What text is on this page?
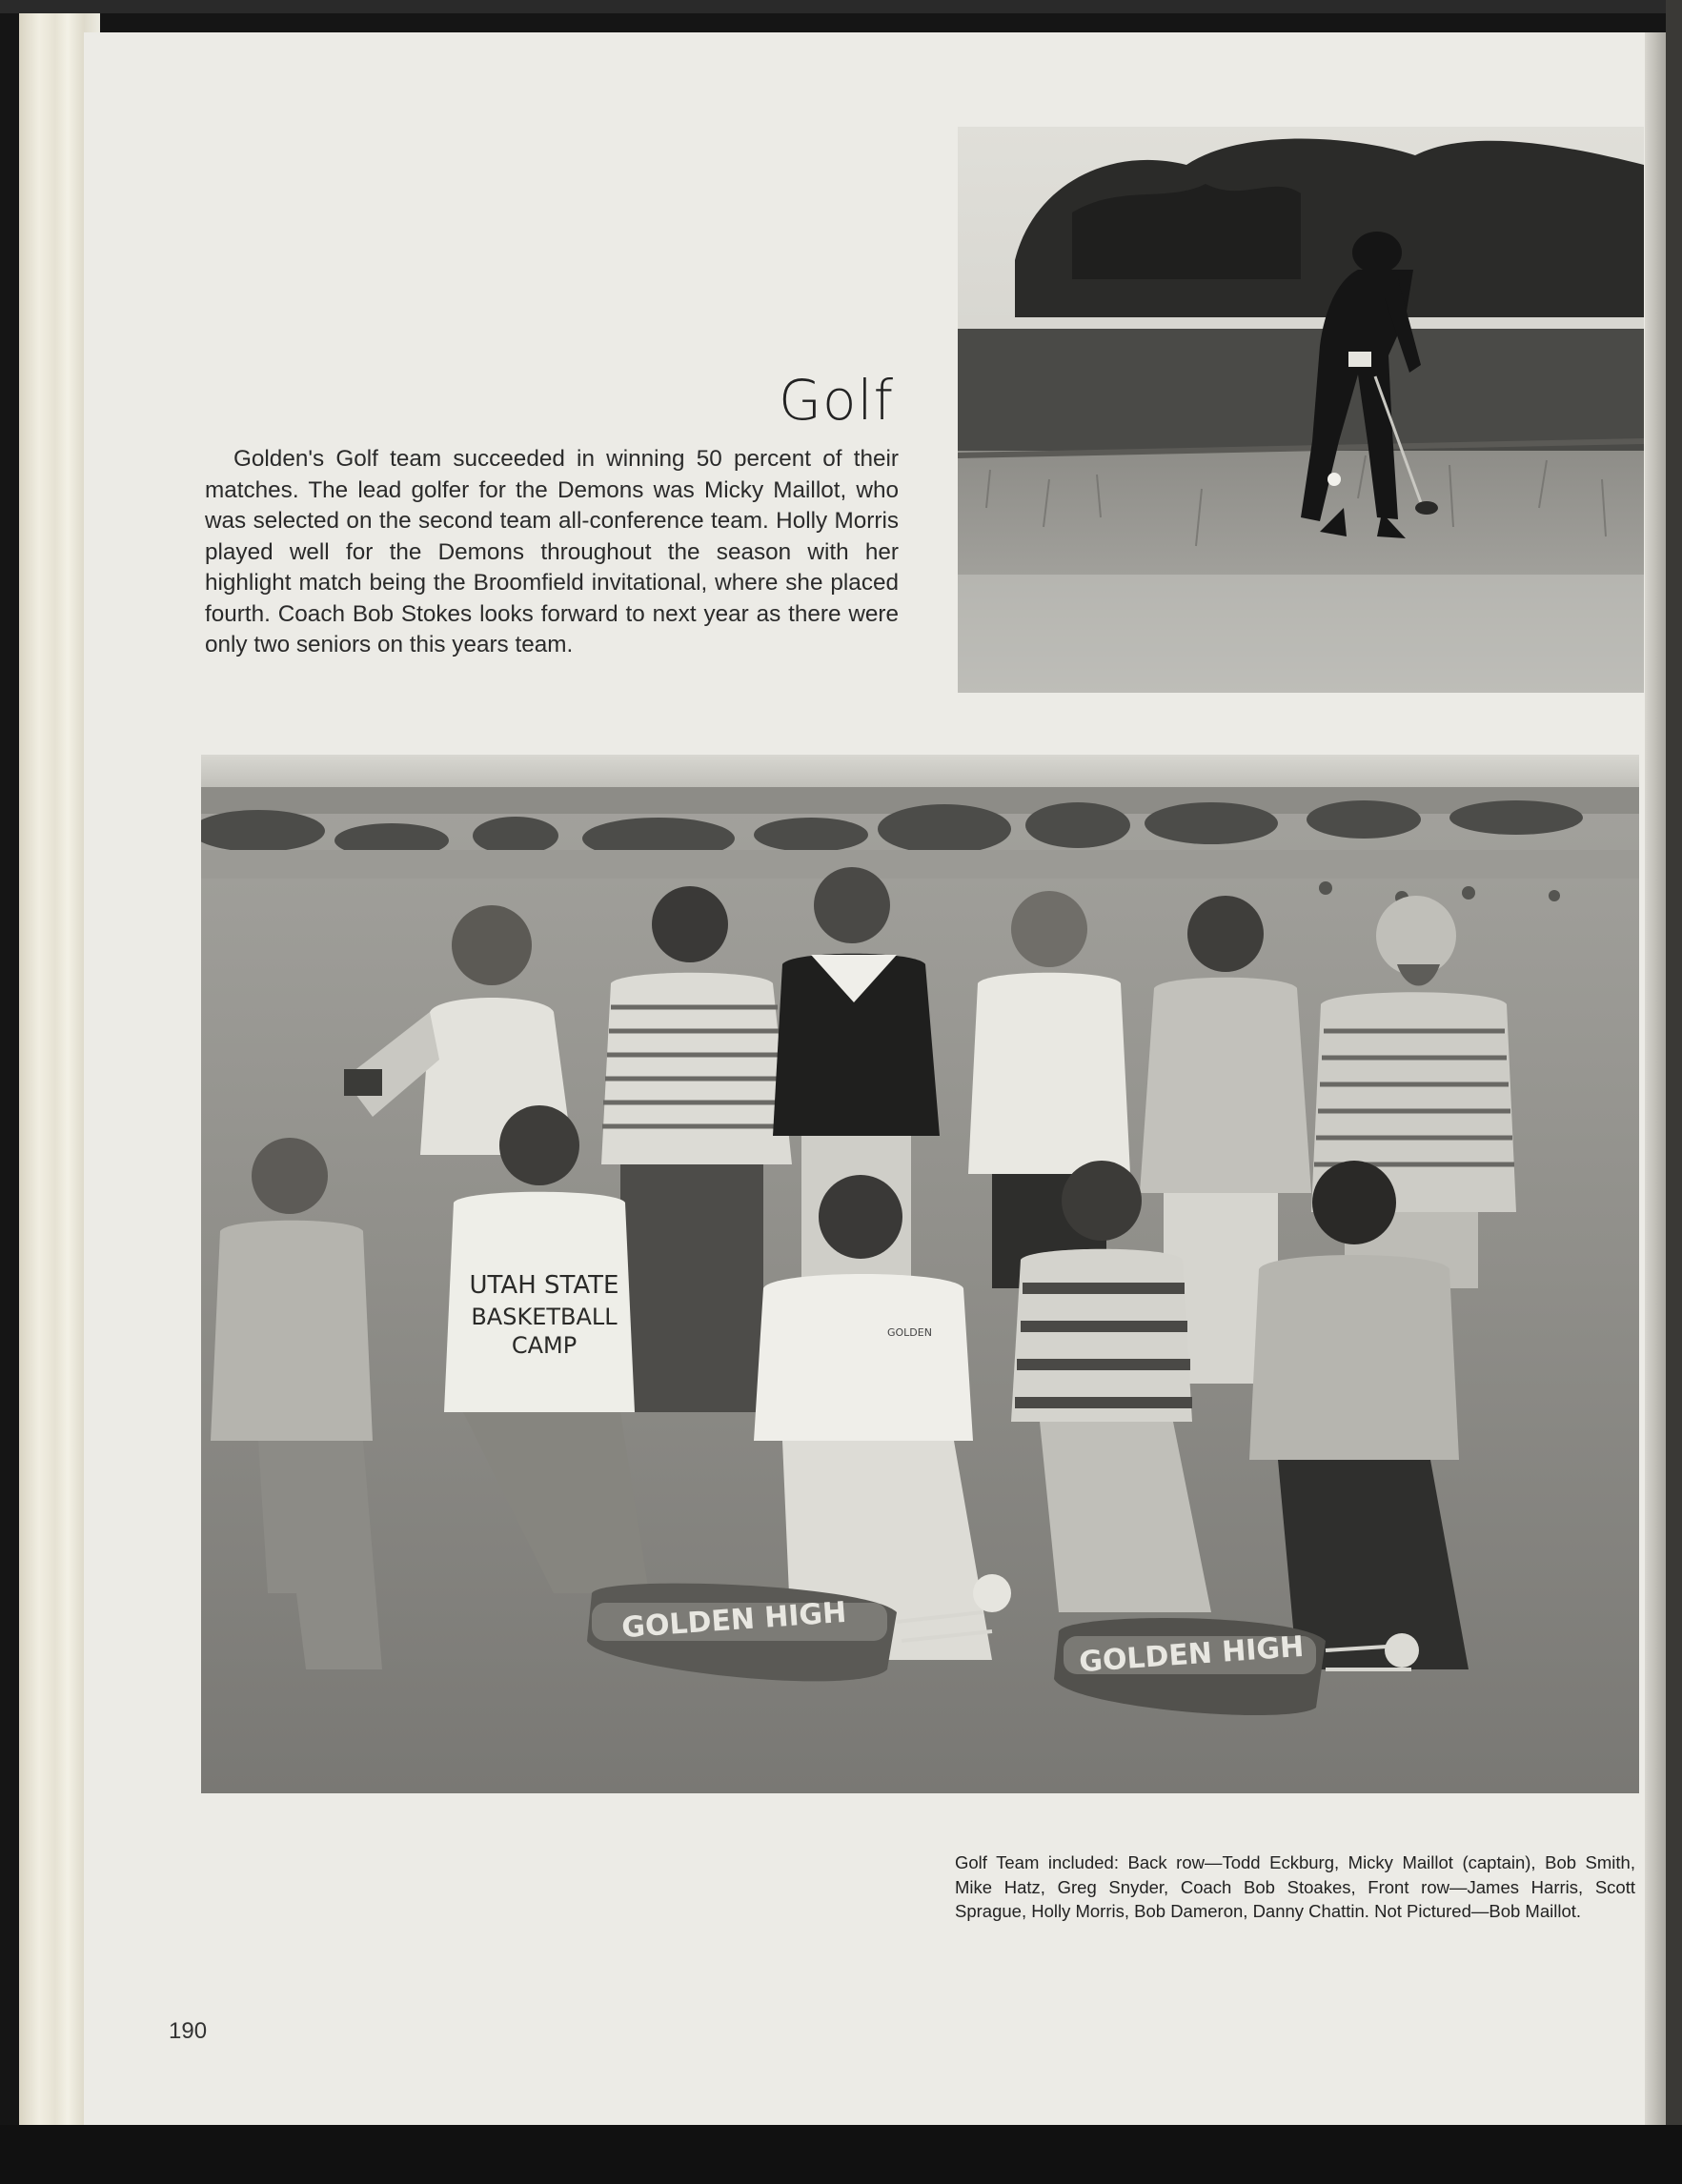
Golf
Golden's Golf team succeeded in winning 50 percent of their matches. The lead golfer for the Demons was Micky Maillot, who was selected on the second team all-conference team. Holly Morris played well for the Demons throughout the season with her highlight match being the Broomfield invitational, where she placed fourth. Coach Bob Stokes looks forward to next year as there were only two seniors on this years team.
UTAH STATE
BASKETBALL
CAMP	GOLDEN
GOLDEN HIGH
GOLDEN HIGH
Golf Team included: Back row—Todd Eckburg, Micky Maillot (captain), Bob Smith, Mike Hatz, Greg Snyder, Coach Bob Stoakes, Front row—James Harris, Scott Sprague, Holly Morris, Bob Dameron, Danny Chattin. Not Pictured—Bob Maillot.
190
